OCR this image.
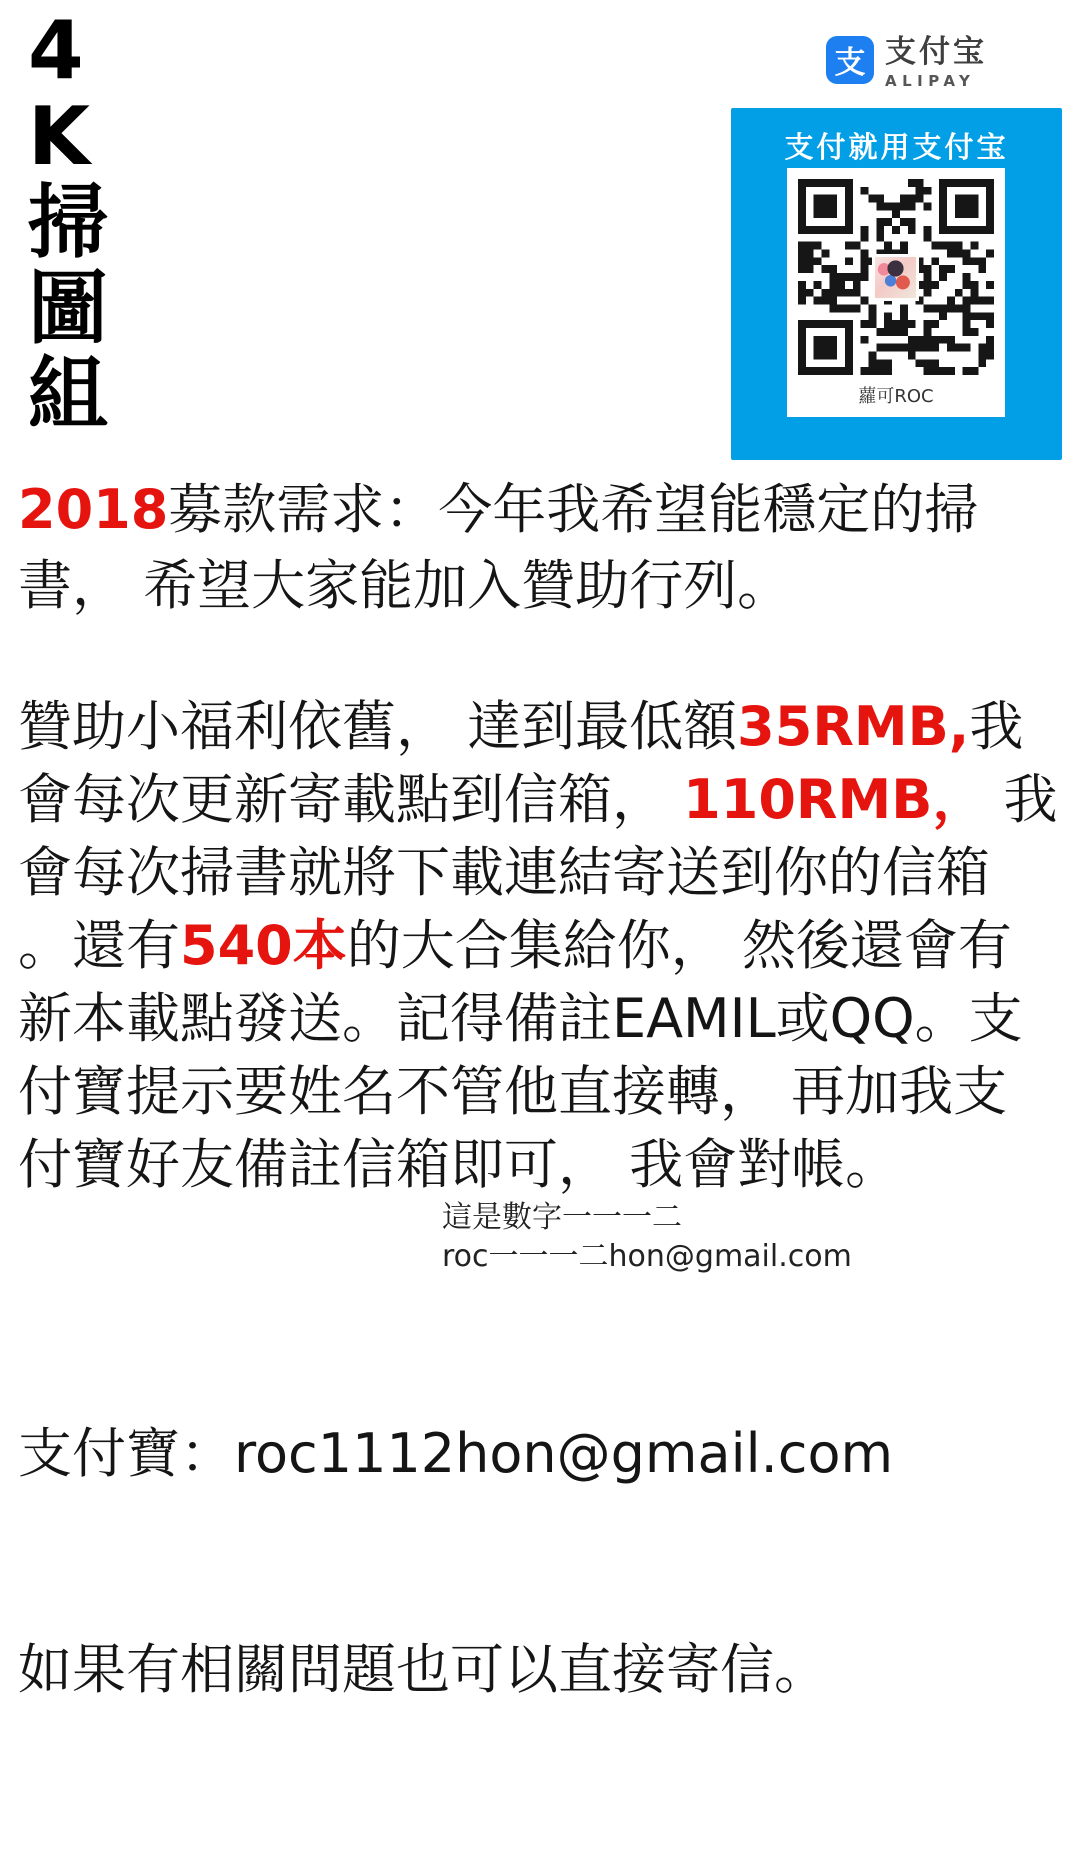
4
K
掃
圖
組
支 支付宝
ALIPAY
支付就用支付宝
蘿可ROC
2018募款需求：今年我希望能穩定的掃
書， 希望大家能加入贊助行列。
贊助小福利依舊， 達到最低額35RMB,我
會每次更新寄載點到信箱， 110RMB， 我
會每次掃書就將下載連結寄送到你的信箱
。還有540本的大合集給你， 然後還會有
新本載點發送。記得備註EAMIL或QQ。支
付寶提示要姓名不管他直接轉， 再加我支
付寶好友備註信箱即可， 我會對帳。
這是數字一一一二
roc一一一二hon@gmail.com

支付寶：roc1112hon@gmail.com

如果有相關問題也可以直接寄信。
